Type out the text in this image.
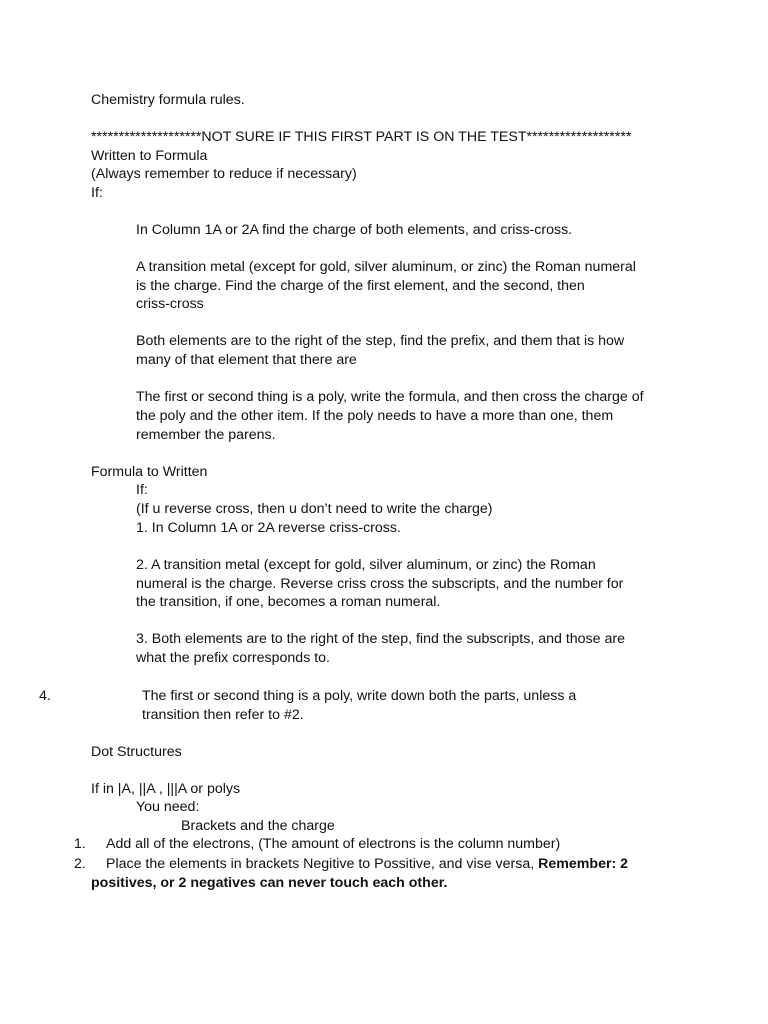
Chemistry formula rules.
********************NOT SURE IF THIS FIRST PART IS ON THE TEST*******************
Written to Formula
(Always remember to reduce if necessary)
If:
In Column 1A or 2A find the charge of both elements, and criss-cross.
A transition metal (except for gold, silver aluminum, or zinc) the Roman numeral
is the charge. Find the charge of the first element, and the second, then
criss-cross
Both elements are to the right of the step, find the prefix, and them that is how
many of that element that there are
The first or second thing is a poly, write the formula, and then cross the charge of
the poly and the other item. If the poly needs to have a more than one, them
remember the parens.
Formula to Written
If:
(If u reverse cross, then u don’t need to write the charge)
1. In Column 1A or 2A reverse criss-cross.
2. A transition metal (except for gold, silver aluminum, or zinc) the Roman
numeral is the charge. Reverse criss cross the subscripts, and the number for
the transition, if one, becomes a roman numeral.
3. Both elements are to the right of the step, find the subscripts, and those are
what the prefix corresponds to.
4.	The first or second thing is a poly, write down both the parts, unless a
transition then refer to #2.
Dot Structures
If in |A, ||A , |||A or polys
You need:
Brackets and the charge
1. Add all of the electrons, (The amount of electrons is the column number)
2. Place the elements in brackets Negitive to Possitive, and vise versa, Remember: 2
positives, or 2 negatives can never touch each other.
